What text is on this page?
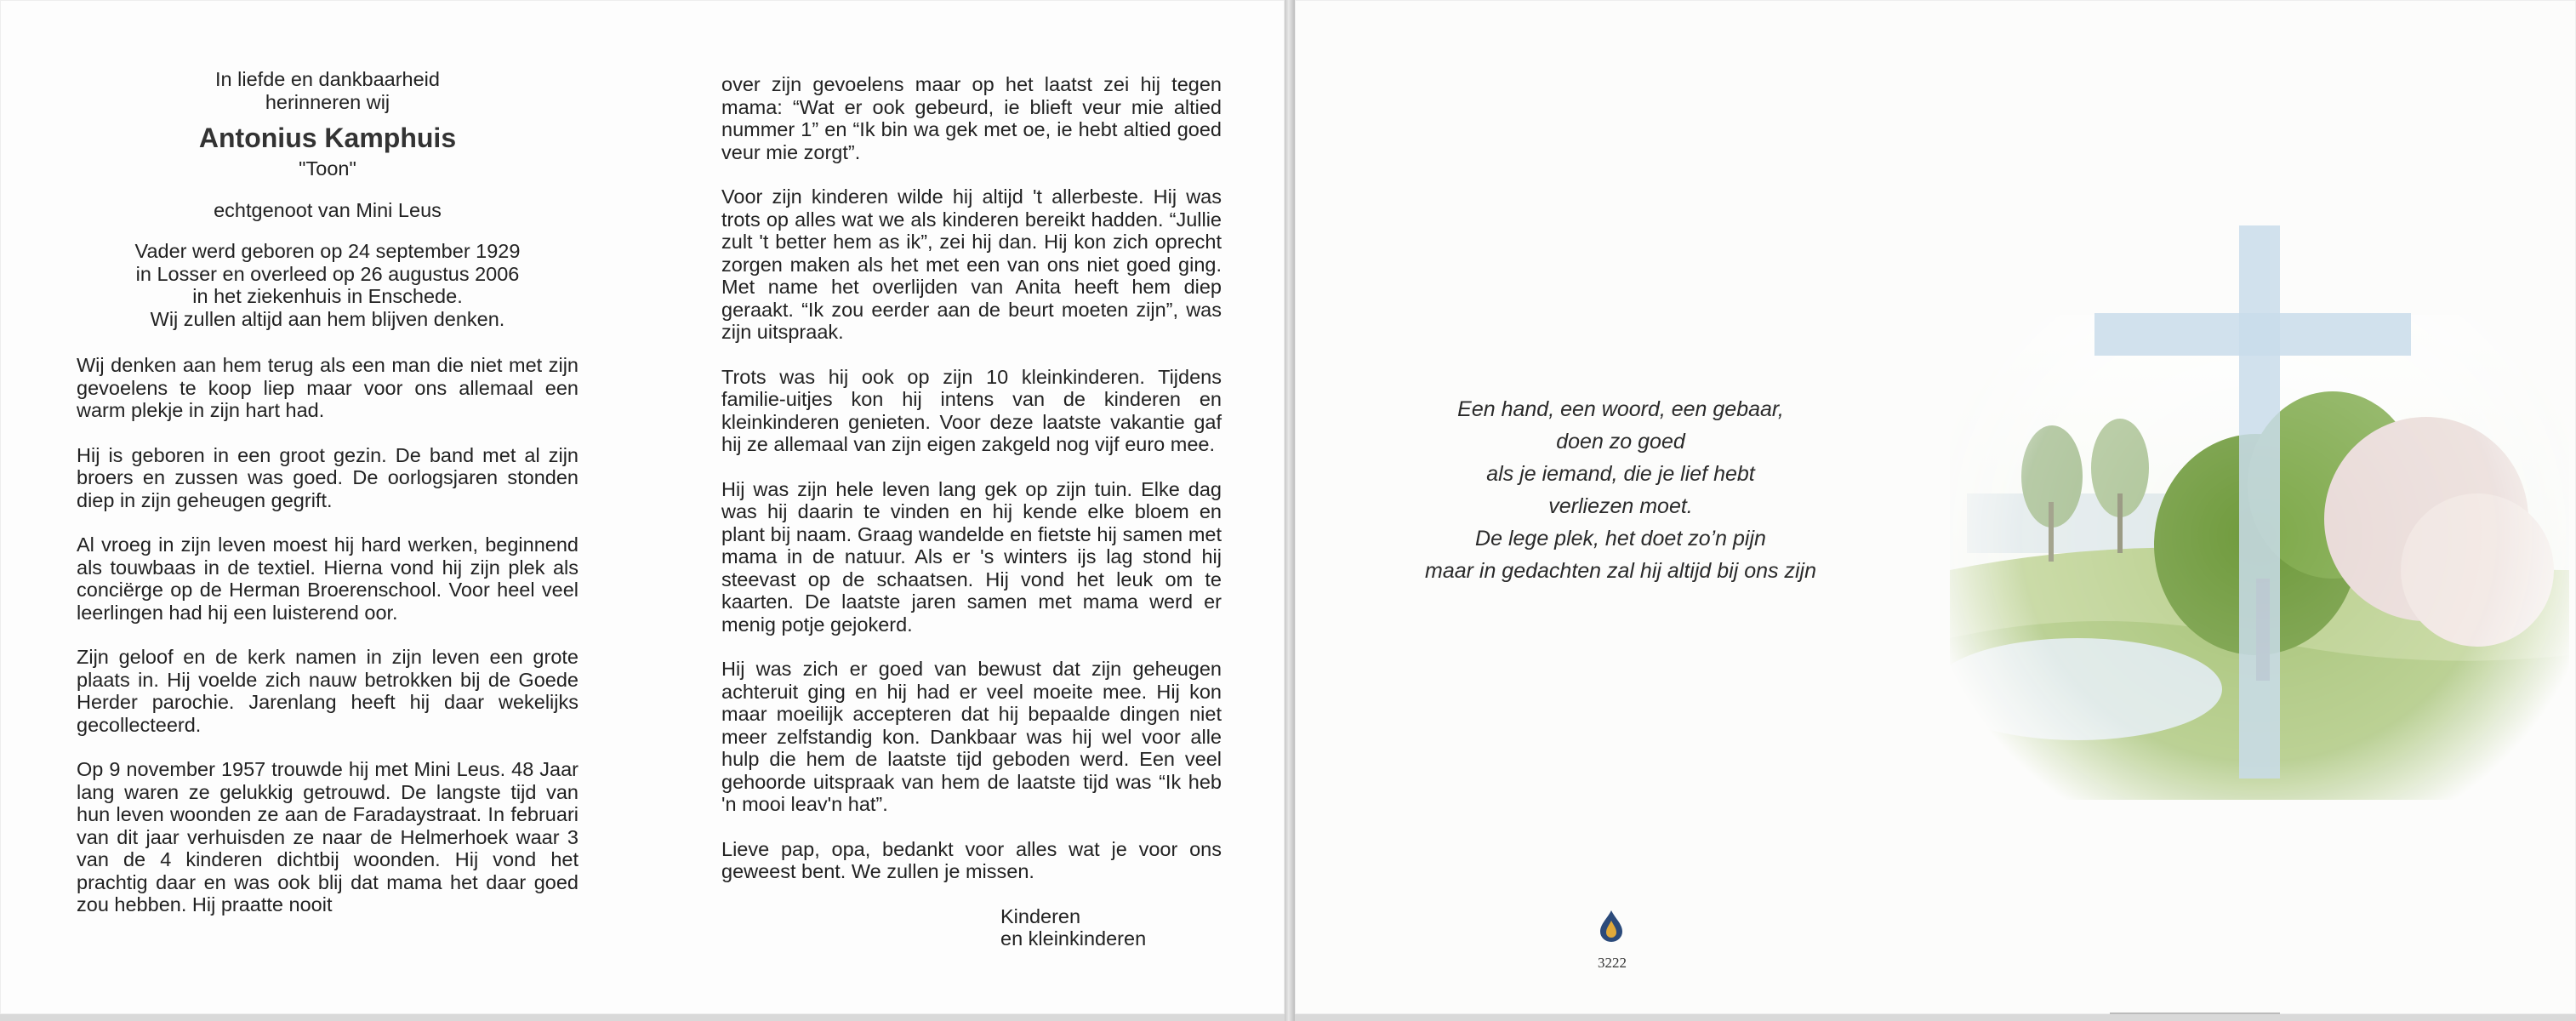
In liefde en dankbaarheid
herinneren wij
Antonius Kamphuis
"Toon"
echtgenoot van Mini Leus
Vader werd geboren op 24 september 1929
in Losser en overleed op 26 augustus 2006
in het ziekenhuis in Enschede.
Wij zullen altijd aan hem blijven denken.

Wij denken aan hem terug als een man die niet met zijn gevoelens te koop liep maar voor ons allemaal een warm plekje in zijn hart had.

Hij is geboren in een groot gezin. De band met al zijn broers en zussen was goed. De oorlogsjaren stonden diep in zijn geheugen gegrift.

Al vroeg in zijn leven moest hij hard werken, beginnend als touwbaas in de textiel. Hierna vond hij zijn plek als conciërge op de Herman Broerenschool. Voor heel veel leerlingen had hij een luisterend oor.

Zijn geloof en de kerk namen in zijn leven een grote plaats in. Hij voelde zich nauw betrokken bij de Goede Herder parochie. Jarenlang heeft hij daar wekelijks gecollecteerd.

Op 9 november 1957 trouwde hij met Mini Leus. 48 Jaar lang waren ze gelukkig getrouwd. De langste tijd van hun leven woonden ze aan de Faradaystraat. In februari van dit jaar verhuisden ze naar de Helmerhoek waar 3 van de 4 kinderen dichtbij woonden. Hij vond het prachtig daar en was ook blij dat mama het daar goed zou hebben. Hij praatte nooit

over zijn gevoelens maar op het laatst zei hij tegen mama: “Wat er ook gebeurd, ie blieft veur mie altied nummer 1” en “Ik bin wa gek met oe, ie hebt altied goed veur mie zorgt”.

Voor zijn kinderen wilde hij altijd 't allerbeste. Hij was trots op alles wat we als kinderen bereikt hadden. “Jullie zult 't better hem as ik”, zei hij dan. Hij kon zich oprecht zorgen maken als het met een van ons niet goed ging. Met name het overlijden van Anita heeft hem diep geraakt. “Ik zou eerder aan de beurt moeten zijn”, was zijn uitspraak.

Trots was hij ook op zijn 10 kleinkinderen. Tijdens familie-uitjes kon hij intens van de kinderen en kleinkinderen genieten. Voor deze laatste vakantie gaf hij ze allemaal van zijn eigen zakgeld nog vijf euro mee.

Hij was zijn hele leven lang gek op zijn tuin. Elke dag was hij daarin te vinden en hij kende elke bloem en plant bij naam. Graag wandelde en fietste hij samen met mama in de natuur. Als er 's winters ijs lag stond hij steevast op de schaatsen. Hij vond het leuk om te kaarten. De laatste jaren samen met mama werd er menig potje gejokerd.

Hij was zich er goed van bewust dat zijn geheugen achteruit ging en hij had er veel moeite mee. Hij kon maar moeilijk accepteren dat hij bepaalde dingen niet meer zelfstandig kon. Dankbaar was hij wel voor alle hulp die hem de laatste tijd geboden werd. Een veel gehoorde uitspraak van hem de laatste tijd was “Ik heb 'n mooi leav'n hat”.

Lieve pap, opa, bedankt voor alles wat je voor ons geweest bent. We zullen je missen.

Kinderen
en kleinkinderen
Een hand, een woord, een gebaar,
doen zo goed
als je iemand, die je lief hebt
verliezen moet.
De lege plek, het doet zo’n pijn
maar in gedachten zal hij altijd bij ons zijn
3222
